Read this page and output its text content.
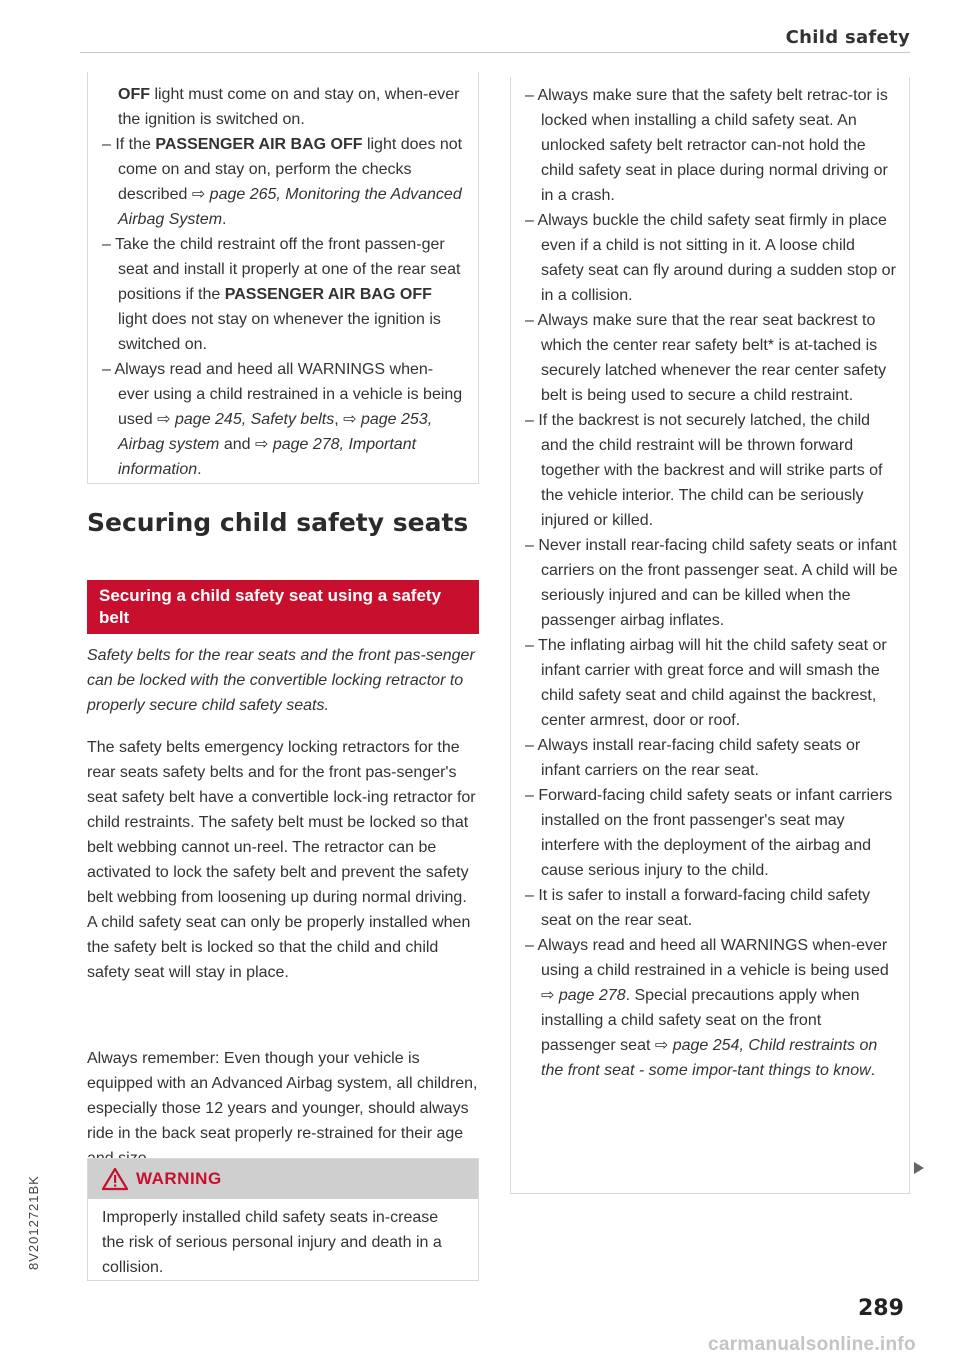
Child safety

OFF light must come on and stay on, when-ever the ignition is switched on.

– If the PASSENGER AIR BAG OFF light does not come on and stay on, perform the checks described ⇨ page 265, Monitoring the Advanced Airbag System.

– Take the child restraint off the front passen-ger seat and install it properly at one of the rear seat positions if the PASSENGER AIR BAG OFF light does not stay on whenever the ignition is switched on.

– Always read and heed all WARNINGS when-ever using a child restrained in a vehicle is being used ⇨ page 245, Safety belts, ⇨ page 253, Airbag system and ⇨ page 278, Important information.

Securing child safety seats
Securing a child safety seat using a safety belt
Safety belts for the rear seats and the front pas-senger can be locked with the convertible locking retractor to properly secure child safety seats.
The safety belts emergency locking retractors for the rear seats safety belts and for the front pas-senger's seat safety belt have a convertible lock-ing retractor for child restraints. The safety belt must be locked so that belt webbing cannot un-reel. The retractor can be activated to lock the safety belt and prevent the safety belt webbing from loosening up during normal driving. A child safety seat can only be properly installed when the safety belt is locked so that the child and child safety seat will stay in place.
Always remember: Even though your vehicle is equipped with an Advanced Airbag system, all children, especially those 12 years and younger, should always ride in the back seat properly re-strained for their age
WARNING
Improperly installed child safety seats in-crease the risk of serious personal injury and death in a collision.

– Always make sure that the safety belt retrac-tor is locked when installing a child safety seat. An unlocked safety belt retractor can-not hold the child safety seat in place during normal driving or in a crash.

– Always buckle the child safety seat firmly in place even if a child is not sitting in it. A loose child safety seat can fly around during a sudden stop or in a collision.

– Always make sure that the rear seat backrest to which the center rear safety belt* is at-tached is securely latched whenever the rear center safety belt is being used to secure a child restraint.

– If the backrest is not securely latched, the child and the child restraint will be thrown forward together with the backrest and will strike parts of the vehicle interior. The child can be seriously injured or killed.

– Never install rear-facing child safety seats or infant carriers on the front passenger seat. A child will be seriously injured and can be killed when the passenger airbag inflates.

– The inflating airbag will hit the child safety seat or infant carrier with great force and will smash the child safety seat and child against the backrest, center armrest, door or roof.

– Always install rear-facing child safety seats or infant carriers on the rear seat.

– Forward-facing child safety seats or infant carriers installed on the front passenger's seat may interfere with the deployment of the airbag and cause serious injury to the child.

– It is safer to install a forward-facing child safety seat on the rear seat.

– Always read and heed all WARNINGS when-ever using a child restrained in a vehicle is being used ⇨ page 278. Special precautions apply when installing a child safety seat on the front passenger seat ⇨ page 254, Child restraints on the front seat - some impor-tant things to know.

8V2012721BK
289
carmanualsonline.info
